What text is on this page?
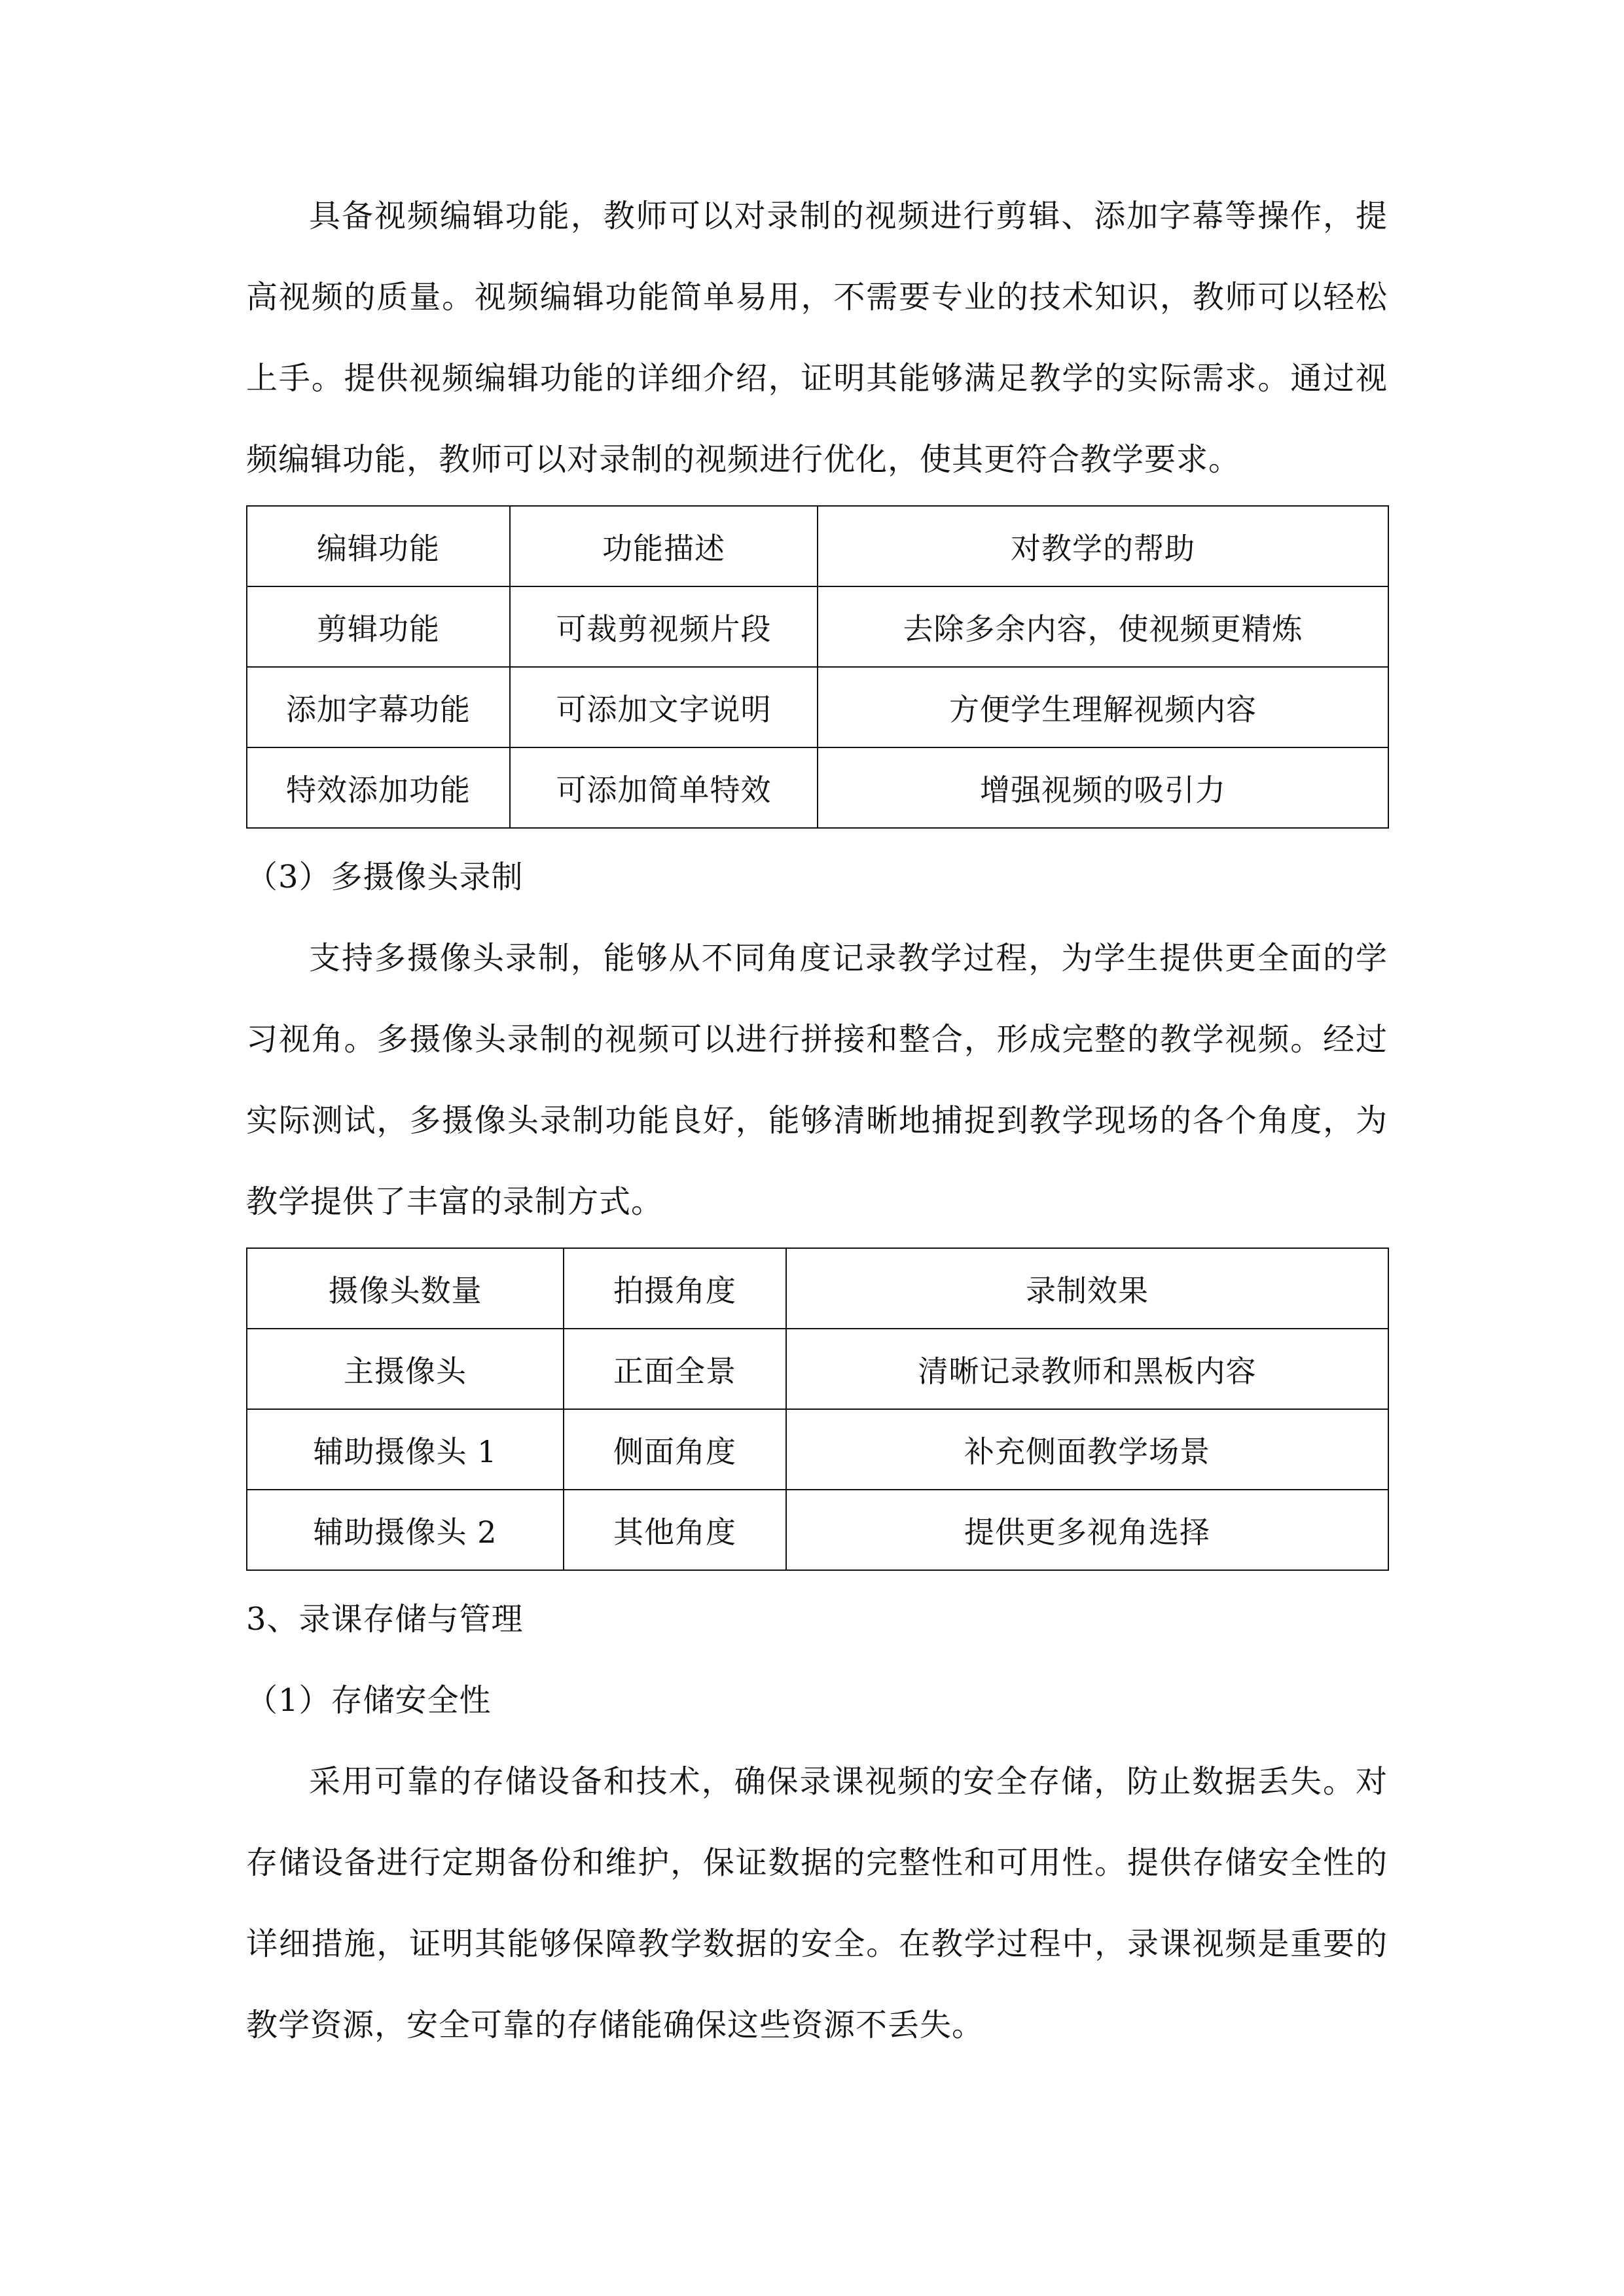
具备视频编辑功能，教师可以对录制的视频进行剪辑、添加字幕等操作，提高视频的质量。视频编辑功能简单易用，不需要专业的技术知识，教师可以轻松上手。提供视频编辑功能的详细介绍，证明其能够满足教学的实际需求。通过视频编辑功能，教师可以对录制的视频进行优化，使其更符合教学要求。

编辑功能	功能描述	对教学的帮助
剪辑功能	可裁剪视频片段	去除多余内容，使视频更精炼
添加字幕功能	可添加文字说明	方便学生理解视频内容
特效添加功能	可添加简单特效	增强视频的吸引力
（3）多摄像头录制

支持多摄像头录制，能够从不同角度记录教学过程，为学生提供更全面的学习视角。多摄像头录制的视频可以进行拼接和整合，形成完整的教学视频。经过实际测试，多摄像头录制功能良好，能够清晰地捕捉到教学现场的各个角度，为教学提供了丰富的录制方式。

摄像头数量	拍摄角度	录制效果
主摄像头	正面全景	清晰记录教师和黑板内容
辅助摄像头 1	侧面角度	补充侧面教学场景
辅助摄像头 2	其他角度	提供更多视角选择
3、录课存储与管理
（1）存储安全性

采用可靠的存储设备和技术，确保录课视频的安全存储，防止数据丢失。对存储设备进行定期备份和维护，保证数据的完整性和可用性。提供存储安全性的详细措施，证明其能够保障教学数据的安全。在教学过程中，录课视频是重要的教学资源，安全可靠的存储能确保这些资源不丢失。
